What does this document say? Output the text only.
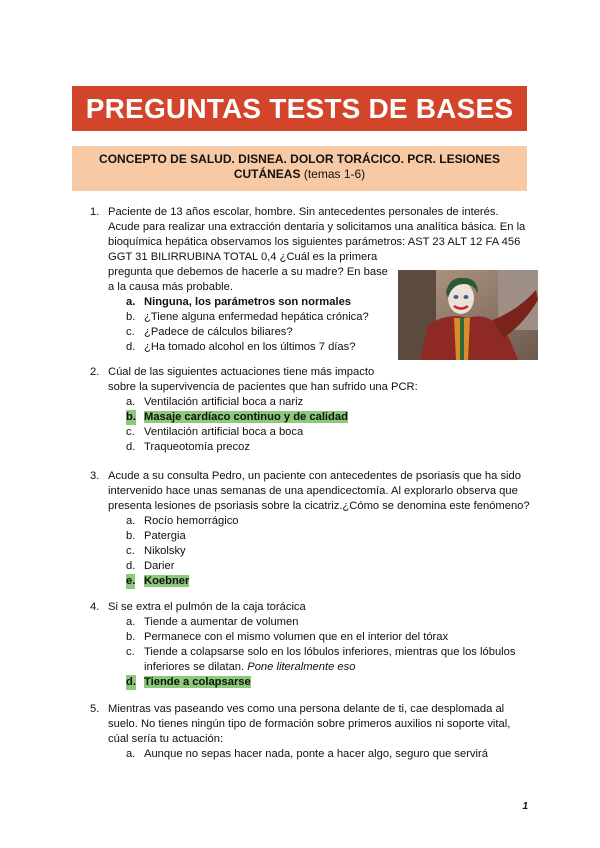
PREGUNTAS TESTS DE BASES
CONCEPTO DE SALUD. DISNEA. DOLOR TORÁCICO. PCR. LESIONES CUTÁNEAS (temas 1-6)
1. Paciente de 13 años escolar, hombre. Sin antecedentes personales de interés.
Acude para realizar una extracción dentaria y solicitamos una analítica básica. En la
bioquímica hepática observamos los siguientes parámetros: AST 23 ALT 12 FA 456
GGT 31 BILIRRUBINA TOTAL 0,4 ¿Cuál es la primera
pregunta que debemos de hacerle a su madre? En base
a la causa más probable.
a. Ninguna, los parámetros son normales
b. ¿Tiene alguna enfermedad hepática crónica?
c. ¿Padece de cálculos biliares?
d. ¿Ha tomado alcohol en los últimos 7 días?
2. Cúal de las siguientes actuaciones tiene más impacto
sobre la supervivencia de pacientes que han sufrido una PCR:
a. Ventilación artificial boca a nariz
b. Masaje cardíaco continuo y de calidad
c. Ventilación artificial boca a boca
d. Traqueotomía precoz
3. Acude a su consulta Pedro, un paciente con antecedentes de psoriasis que ha sido
intervenido hace unas semanas de una apendicectomía. Al explorarlo observa que
presenta lesiones de psoriasis sobre la cicatriz.¿Cómo se denomina este fenómeno?
a. Rocío hemorrágico
b. Patergia
c. Nikolsky
d. Darier
e. Koebner
4. Si se extra el pulmón de la caja torácica
a. Tiende a aumentar de volumen
b. Permanece con el mismo volumen que en el interior del tórax
c. Tiende a colapsarse solo en los lóbulos inferiores, mientras que los lóbulos
inferiores se dilatan. Pone literalmente eso
d. Tiende a colapsarse
5. Mientras vas paseando ves como una persona delante de ti, cae desplomada al
suelo. No tienes ningún tipo de formación sobre primeros auxilios ni soporte vital,
cúal sería tu actuación:
a. Aunque no sepas hacer nada, ponte a hacer algo, seguro que servirá
1
